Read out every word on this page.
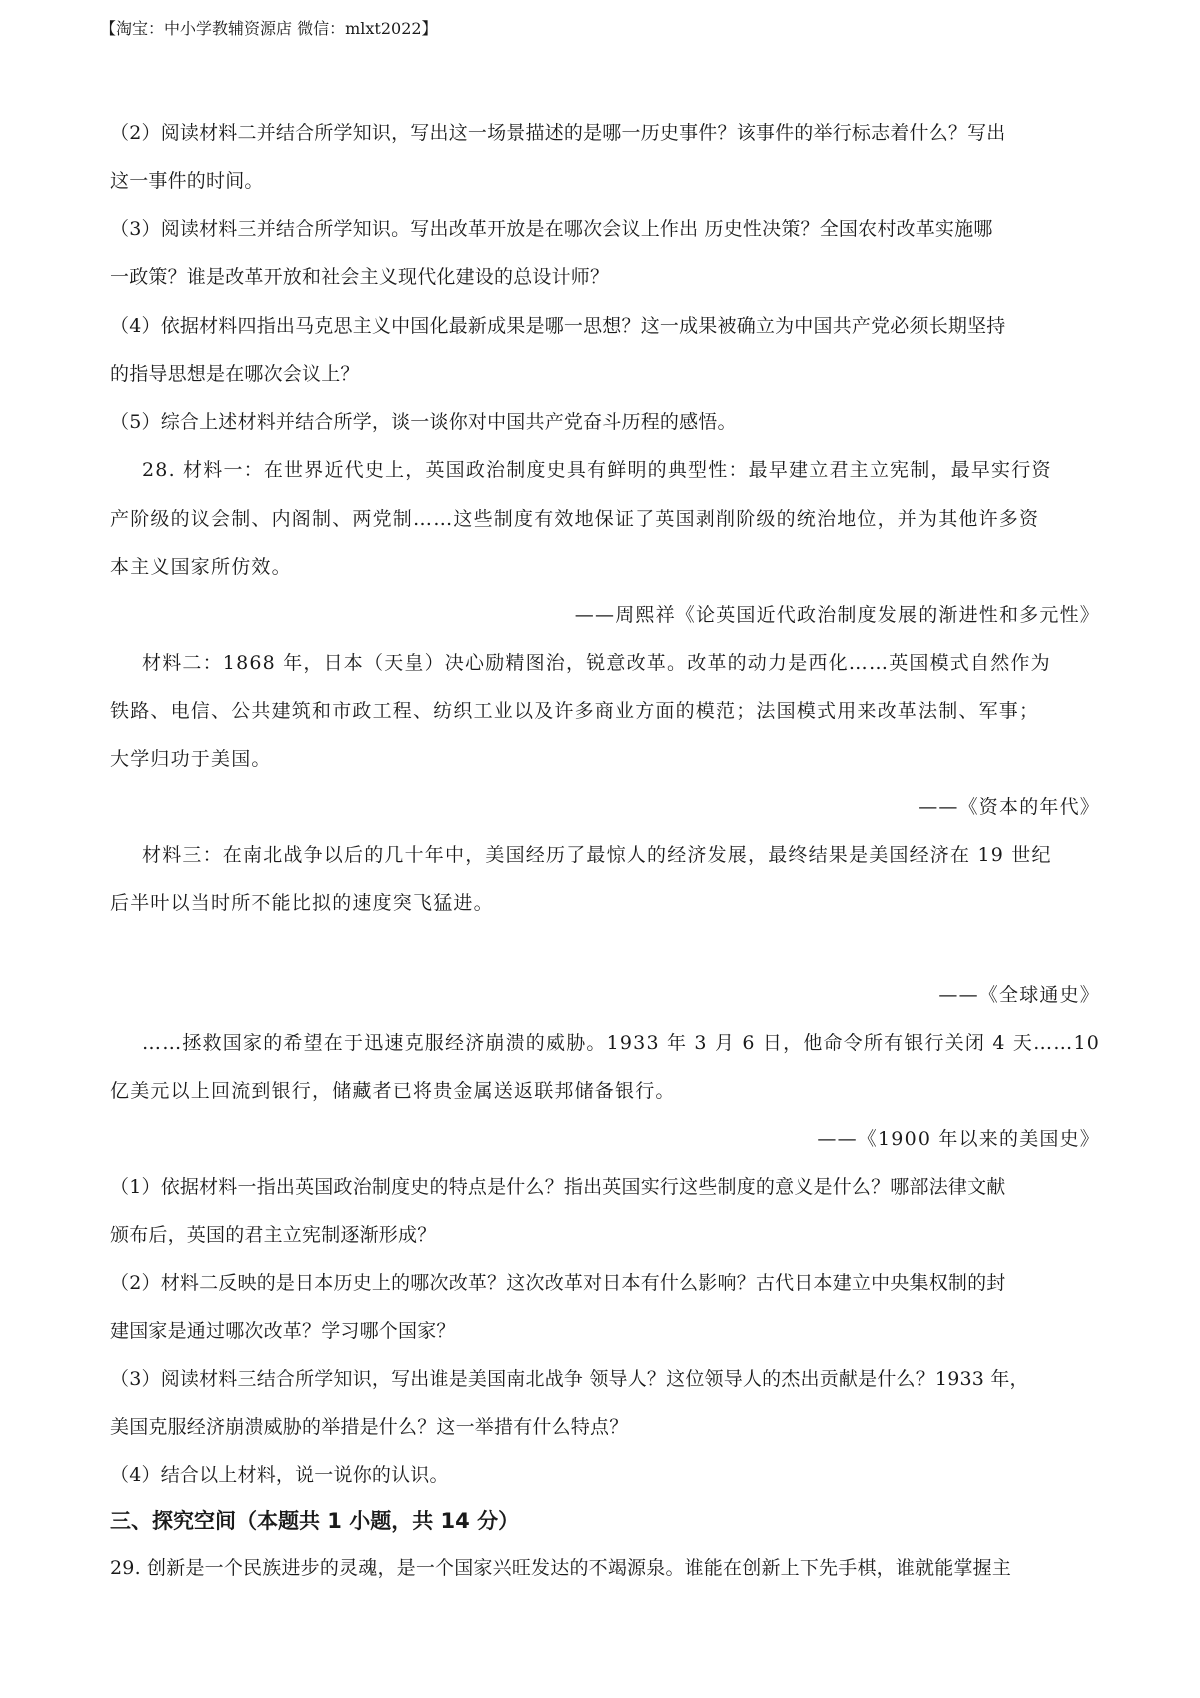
【淘宝：中小学教辅资源店 微信：mlxt2022】
（2）阅读材料二并结合所学知识，写出这一场景描述的是哪一历史事件？该事件的举行标志着什么？写出
这一事件的时间。
（3）阅读材料三并结合所学知识。写出改革开放是在哪次会议上作出 历史性决策？全国农村改革实施哪
一政策？谁是改革开放和社会主义现代化建设的总设计师？
（4）依据材料四指出马克思主义中国化最新成果是哪一思想？这一成果被确立为中国共产党必须长期坚持
的指导思想是在哪次会议上？
（5）综合上述材料并结合所学，谈一谈你对中国共产党奋斗历程的感悟。
28. 材料一：在世界近代史上，英国政治制度史具有鲜明的典型性：最早建立君主立宪制，最早实行资
产阶级的议会制、内阁制、两党制……这些制度有效地保证了英国剥削阶级的统治地位，并为其他许多资
本主义国家所仿效。
——周熙祥《论英国近代政治制度发展的渐进性和多元性》
材料二：1868 年，日本（天皇）决心励精图治，锐意改革。改革的动力是西化……英国模式自然作为
铁路、电信、公共建筑和市政工程、纺织工业以及许多商业方面的模范；法国模式用来改革法制、军事；
大学归功于美国。
——《资本的年代》
材料三：在南北战争以后的几十年中，美国经历了最惊人的经济发展，最终结果是美国经济在 19 世纪
后半叶以当时所不能比拟的速度突飞猛进。
——《全球通史》
……拯救国家的希望在于迅速克服经济崩溃的威胁。1933 年 3 月 6 日，他命令所有银行关闭 4 天……10
亿美元以上回流到银行，储藏者已将贵金属送返联邦储备银行。
——《1900 年以来的美国史》
（1）依据材料一指出英国政治制度史的特点是什么？指出英国实行这些制度的意义是什么？哪部法律文献
颁布后，英国的君主立宪制逐渐形成？
（2）材料二反映的是日本历史上的哪次改革？这次改革对日本有什么影响？古代日本建立中央集权制的封
建国家是通过哪次改革？学习哪个国家？
（3）阅读材料三结合所学知识，写出谁是美国南北战争 领导人？这位领导人的杰出贡献是什么？1933 年，
美国克服经济崩溃威胁的举措是什么？这一举措有什么特点？
（4）结合以上材料，说一说你的认识。
三、探究空间（本题共 1 小题，共 14 分）
29. 创新是一个民族进步的灵魂，是一个国家兴旺发达的不竭源泉。谁能在创新上下先手棋，谁就能掌握主
